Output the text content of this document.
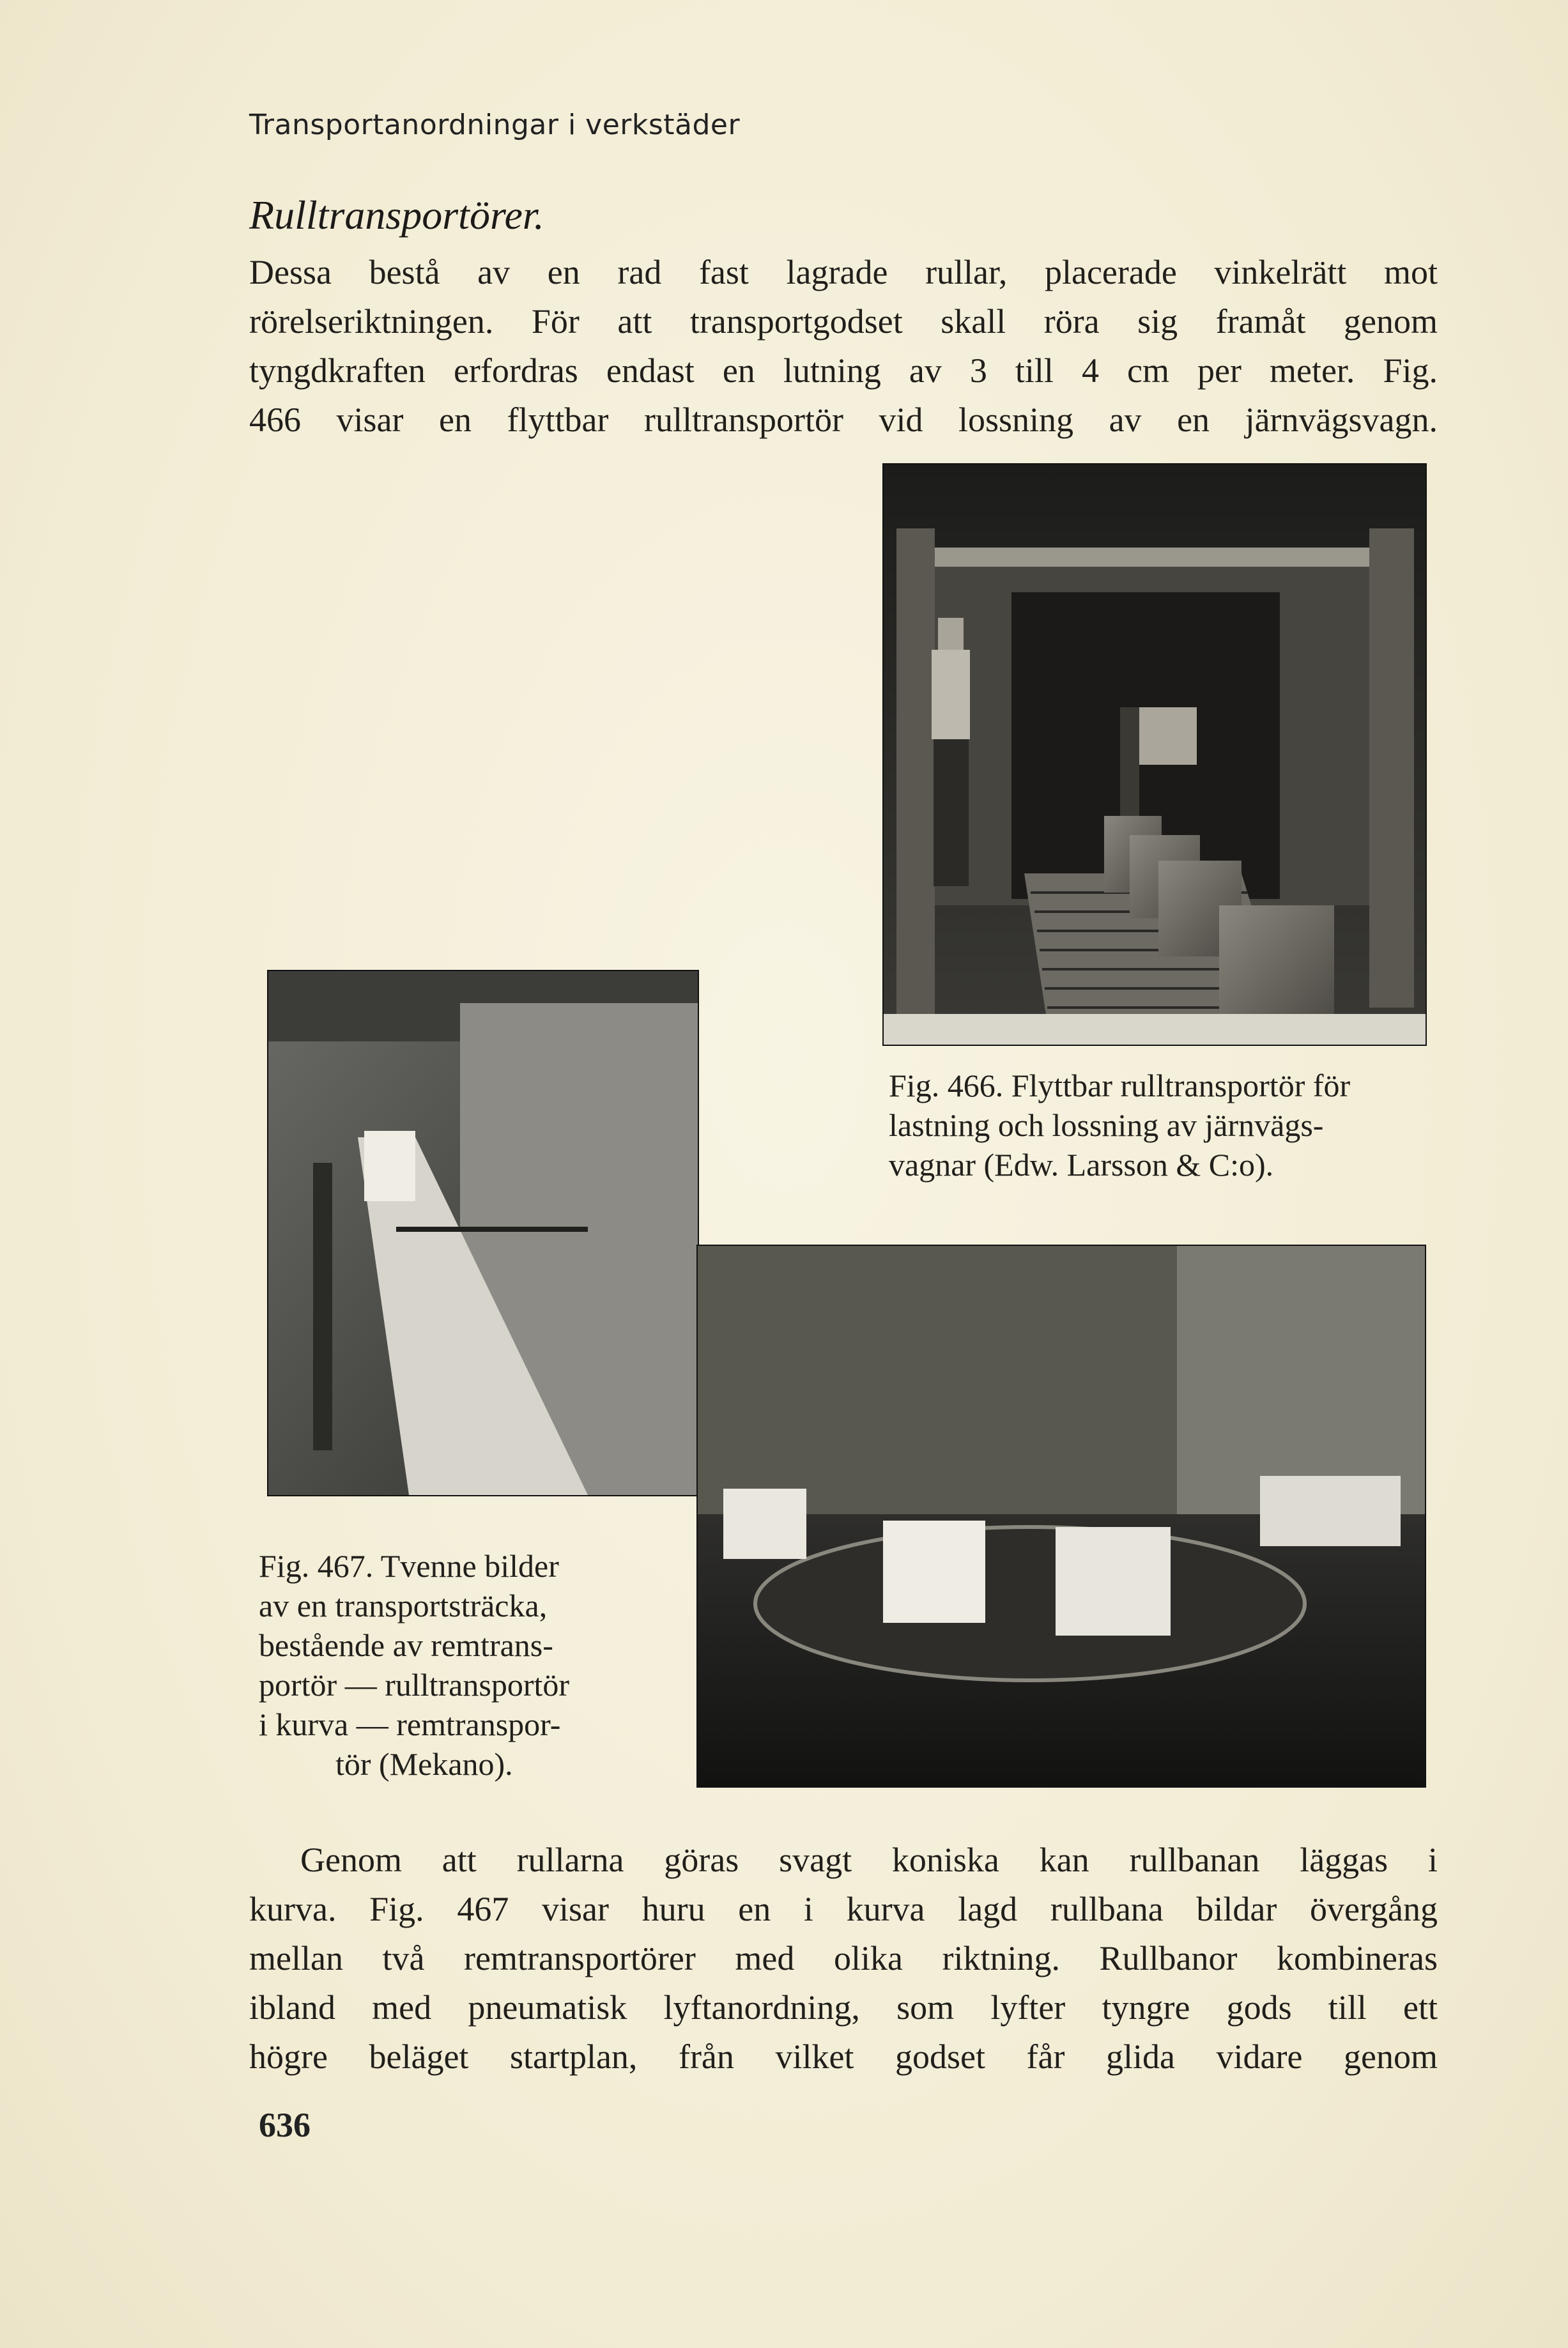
Transportanordningar i verkstäder
Rulltransportörer.
Dessa bestå av en rad fast lagrade rullar, placerade vinkelrätt mot
rörelseriktningen. För att transportgodset skall röra sig framåt genom
tyngdkraften erfordras endast en lutning av 3 till 4 cm per meter. Fig.
466 visar en flyttbar rulltransportör vid lossning av en järnvägsvagn.
Fig. 466. Flyttbar rulltransportör för
lastning och lossning av järnvägs-
vagnar (Edw. Larsson & C:o).
Fig. 467. Tvenne bilder
av en transportsträcka,
bestående av remtrans-
portör — rulltransportör
i kurva — remtranspor-
tör (Mekano).
Genom att rullarna göras svagt koniska kan rullbanan läggas i
kurva. Fig. 467 visar huru en i kurva lagd rullbana bildar övergång
mellan två remtransportörer med olika riktning. Rullbanor kombineras
ibland med pneumatisk lyftanordning, som lyfter tyngre gods till ett
högre beläget startplan, från vilket godset får glida vidare genom
636
